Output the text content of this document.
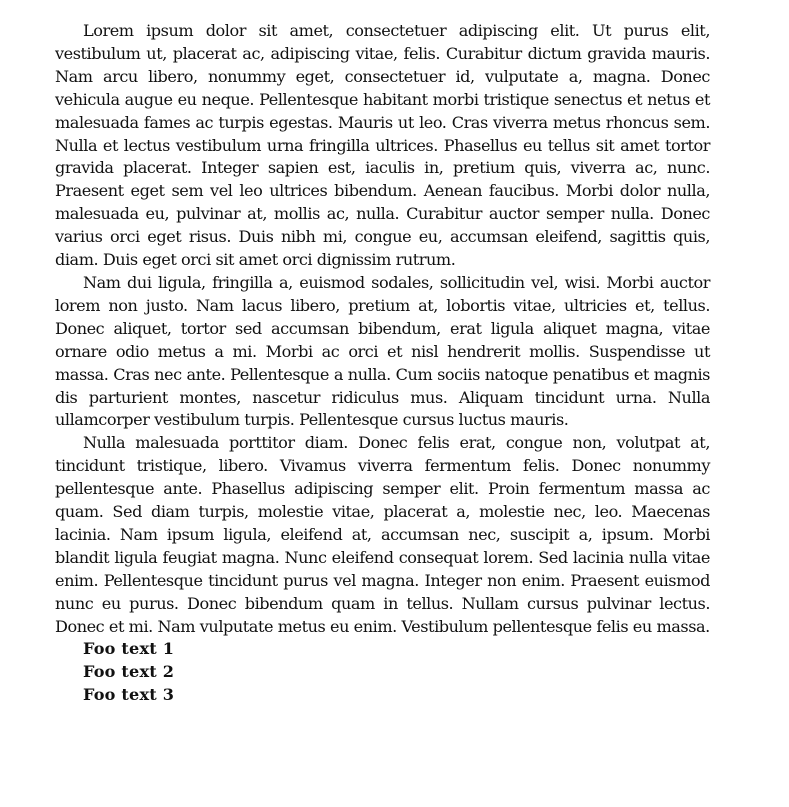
Lorem ipsum dolor sit amet, consectetuer adipiscing elit. Ut purus elit, vestibulum ut, placerat ac, adipiscing vitae, felis. Curabitur dictum gravida mauris. Nam arcu libero, nonummy eget, consectetuer id, vulputate a, magna. Donec vehicula augue eu neque. Pellentesque habitant morbi tristique senectus et netus et malesuada fames ac turpis egestas. Mauris ut leo. Cras viverra metus rhoncus sem. Nulla et lectus vestibulum urna fringilla ultrices. Phasellus eu tellus sit amet tortor gravida placerat. Integer sapien est, iaculis in, pretium quis, viverra ac, nunc. Praesent eget sem vel leo ultrices bibendum. Aenean faucibus. Morbi dolor nulla, malesuada eu, pulvinar at, mollis ac, nulla. Curabitur auctor semper nulla. Donec varius orci eget risus. Duis nibh mi, congue eu, accumsan eleifend, sagittis quis, diam. Duis eget orci sit amet orci dignissim rutrum.

Nam dui ligula, fringilla a, euismod sodales, sollicitudin vel, wisi. Morbi auctor lorem non justo. Nam lacus libero, pretium at, lobortis vitae, ultricies et, tellus. Donec aliquet, tortor sed accumsan bibendum, erat ligula aliquet magna, vitae ornare odio metus a mi. Morbi ac orci et nisl hendrerit mollis. Suspendisse ut massa. Cras nec ante. Pellentesque a nulla. Cum sociis natoque penatibus et magnis dis parturient montes, nascetur ridiculus mus. Aliquam tincidunt urna. Nulla ullamcorper vestibulum turpis. Pellentesque cursus luctus mauris.

Nulla malesuada porttitor diam. Donec felis erat, congue non, volutpat at, tincidunt tristique, libero. Vivamus viverra fermentum felis. Donec nonummy pellentesque ante. Phasellus adipiscing semper elit. Proin fermentum massa ac quam. Sed diam turpis, molestie vitae, placerat a, molestie nec, leo. Maecenas lacinia. Nam ipsum ligula, eleifend at, accumsan nec, suscipit a, ipsum. Morbi blandit ligula feugiat magna. Nunc eleifend consequat lorem. Sed lacinia nulla vitae enim. Pellentesque tincidunt purus vel magna. Integer non enim. Praesent euismod nunc eu purus. Donec bibendum quam in tellus. Nullam cursus pulvinar lectus. Donec et mi. Nam vulputate metus eu enim. Vestibulum pellentesque felis eu massa.

Foo text 1
Foo text 2
Foo text 3
